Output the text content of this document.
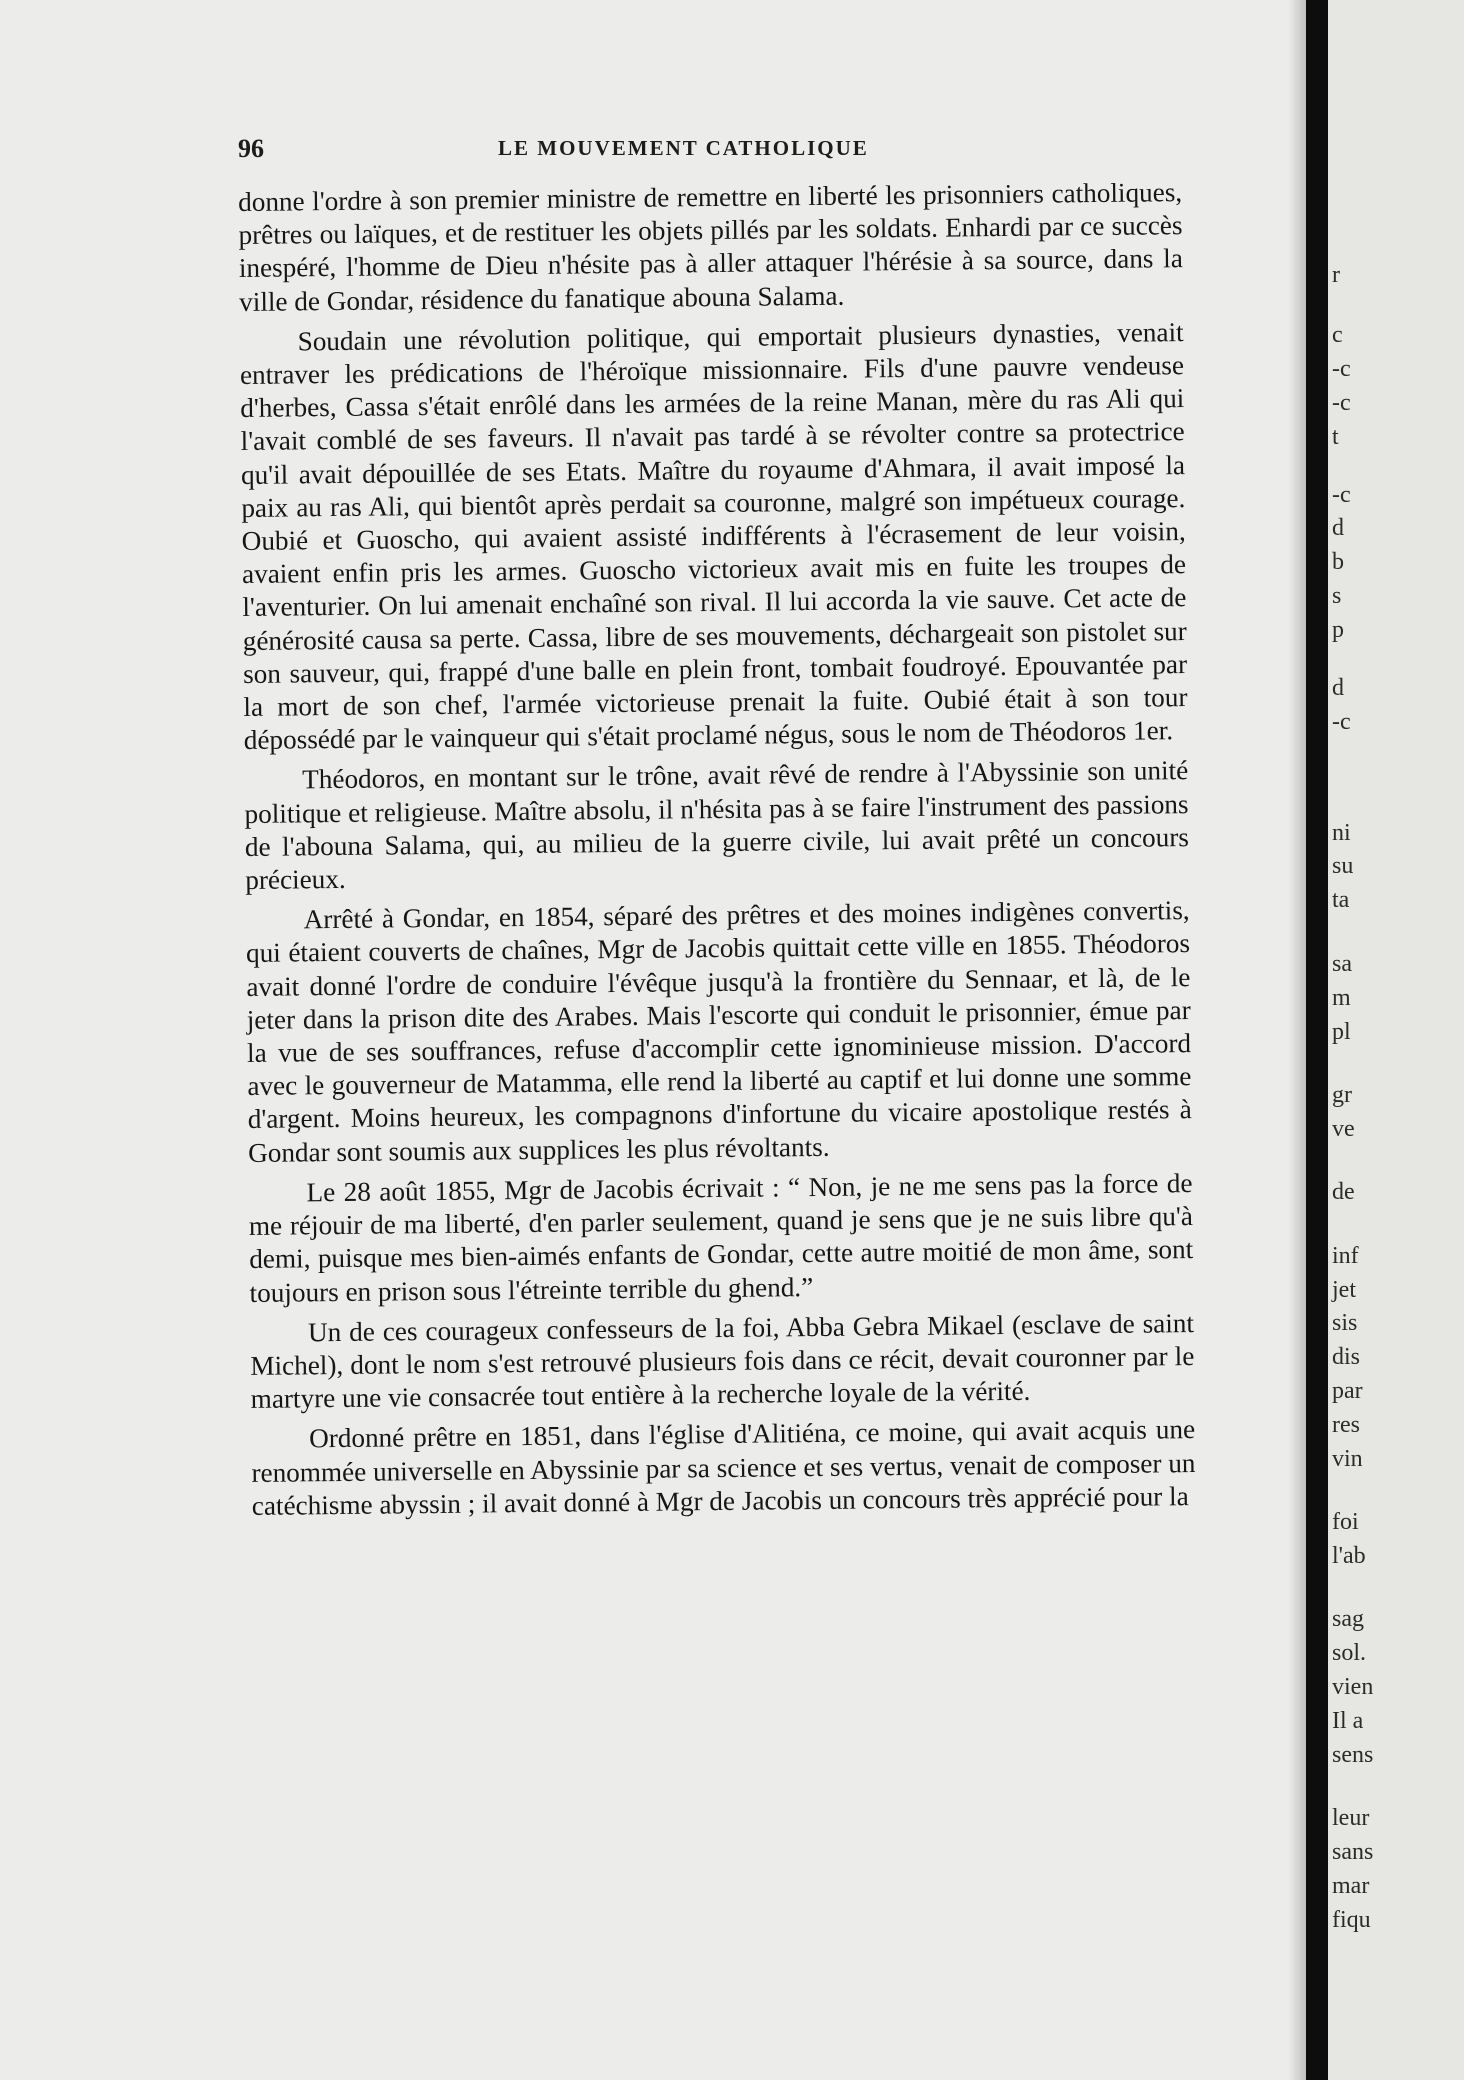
96	LE MOUVEMENT CATHOLIQUE

donne l'ordre à son premier ministre de remettre en liberté les prisonniers catholiques, prêtres ou laïques, et de restituer les objets pillés par les soldats. Enhardi par ce succès inespéré, l'homme de Dieu n'hésite pas à aller attaquer l'hérésie à sa source, dans la ville de Gondar, résidence du fanatique abouna Salama.

Soudain une révolution politique, qui emportait plusieurs dynasties, venait entraver les prédications de l'héroïque missionnaire. Fils d'une pauvre vendeuse d'herbes, Cassa s'était enrôlé dans les armées de la reine Manan, mère du ras Ali qui l'avait comblé de ses faveurs. Il n'avait pas tardé à se révolter contre sa protectrice qu'il avait dépouillée de ses Etats. Maître du royaume d'Ahmara, il avait imposé la paix au ras Ali, qui bientôt après perdait sa couronne, malgré son impétueux courage. Oubié et Guoscho, qui avaient assisté indifférents à l'écrasement de leur voisin, avaient enfin pris les armes. Guoscho victorieux avait mis en fuite les troupes de l'aventurier. On lui amenait enchaîné son rival. Il lui accorda la vie sauve. Cet acte de générosité causa sa perte. Cassa, libre de ses mouvements, déchargeait son pistolet sur son sauveur, qui, frappé d'une balle en plein front, tombait foudroyé. Epouvantée par la mort de son chef, l'armée victorieuse prenait la fuite. Oubié était à son tour dépossédé par le vainqueur qui s'était proclamé négus, sous le nom de Théodoros 1er.

Théodoros, en montant sur le trône, avait rêvé de rendre à l'Abyssinie son unité politique et religieuse. Maître absolu, il n'hésita pas à se faire l'instrument des passions de l'abouna Salama, qui, au milieu de la guerre civile, lui avait prêté un concours précieux.

Arrêté à Gondar, en 1854, séparé des prêtres et des moines indigènes convertis, qui étaient couverts de chaînes, Mgr de Jacobis quittait cette ville en 1855. Théodoros avait donné l'ordre de conduire l'évêque jusqu'à la frontière du Sennaar, et là, de le jeter dans la prison dite des Arabes. Mais l'escorte qui conduit le prisonnier, émue par la vue de ses souffrances, refuse d'accomplir cette ignominieuse mission. D'accord avec le gouverneur de Matamma, elle rend la liberté au captif et lui donne une somme d'argent. Moins heureux, les compagnons d'infortune du vicaire apostolique restés à Gondar sont soumis aux supplices les plus révoltants.

Le 28 août 1855, Mgr de Jacobis écrivait : “ Non, je ne me sens pas la force de me réjouir de ma liberté, d'en parler seulement, quand je sens que je ne suis libre qu'à demi, puisque mes bien-aimés enfants de Gondar, cette autre moitié de mon âme, sont toujours en prison sous l'étreinte terrible du ghend.”

Un de ces courageux confesseurs de la foi, Abba Gebra Mikael (esclave de saint Michel), dont le nom s'est retrouvé plusieurs fois dans ce récit, devait couronner par le martyre une vie consacrée tout entière à la recherche loyale de la vérité.

Ordonné prêtre en 1851, dans l'église d'Alitiéna, ce moine, qui avait acquis une renommée universelle en Abyssinie par sa science et ses vertus, venait de composer un catéchisme abyssin ; il avait donné à Mgr de Jacobis un concours très apprécié pour la

r
c
-c
-c
t
-c
d
b
s
p
d
-c
ni
su
ta
sa
m
pl
gr
ve
de
inf
jet
sis
dis
par
res
vin
foi
l'ab
sag
sol.
vien
Il a
sens
leur
sans
mar
fiqu
